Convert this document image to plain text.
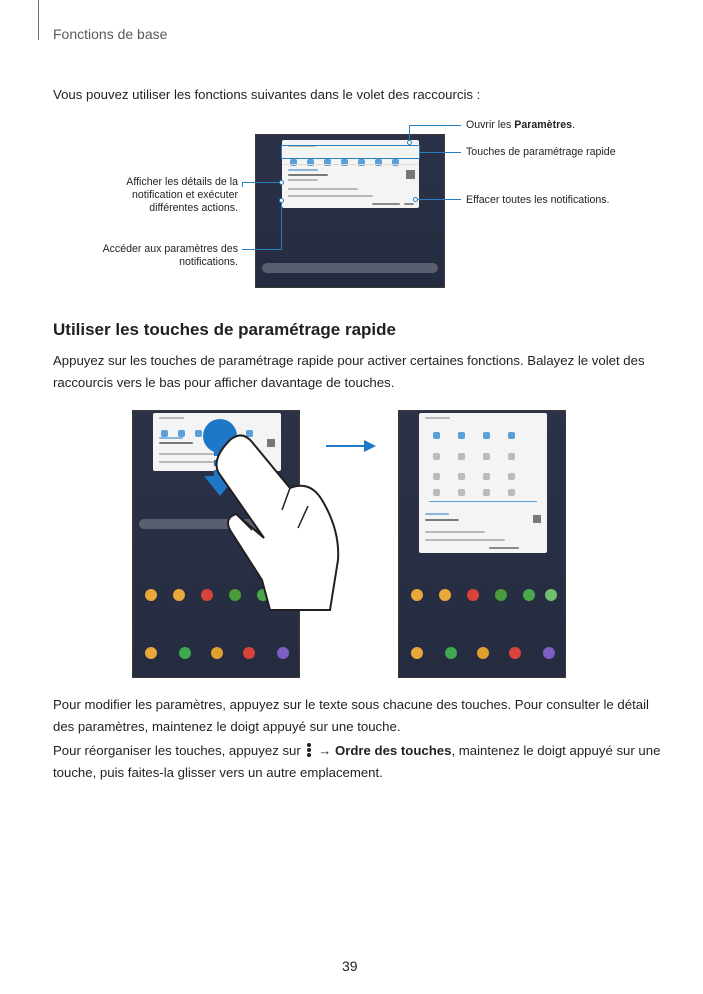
Fonctions de base
Vous pouvez utiliser les fonctions suivantes dans le volet des raccourcis :
Ouvrir les Paramètres.
Touches de paramétrage rapide
Afficher les détails de la notification et exécuter différentes actions.
Effacer toutes les notifications.
Accéder aux paramètres des notifications.
Utiliser les touches de paramétrage rapide
Appuyez sur les touches de paramétrage rapide pour activer certaines fonctions. Balayez le volet des raccourcis vers le bas pour afficher davantage de touches.
Pour modifier les paramètres, appuyez sur le texte sous chacune des touches. Pour consulter le détail des paramètres, maintenez le doigt appuyé sur une touche.
Pour réorganiser les touches, appuyez sur
→ Ordre des touches, maintenez le doigt appuyé sur une touche, puis faites-la glisser vers un autre emplacement.
39
